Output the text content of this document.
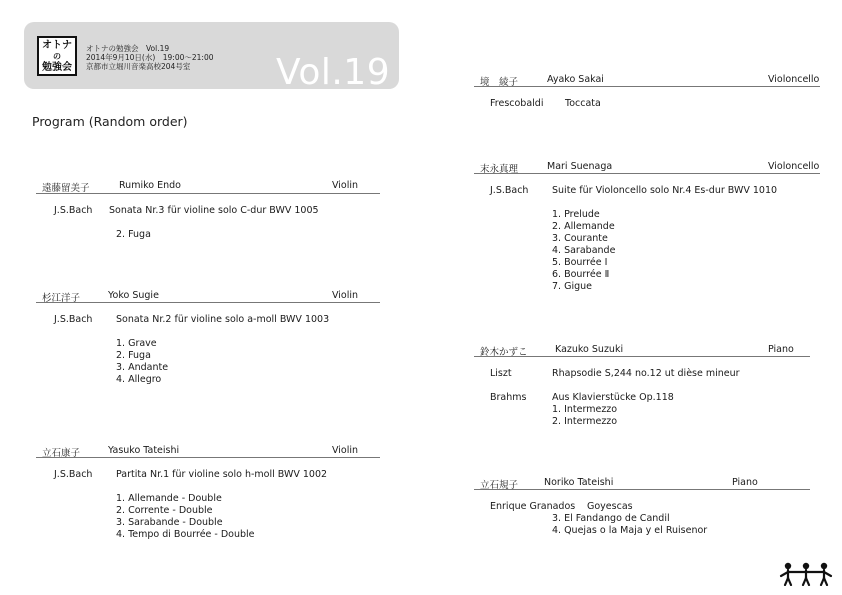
オトナ
の
勉強会
オトナの勉強会　Vol.19
2014年9月10日(水)　19:00～21:00
京都市立堀川音楽高校204号室	Vol.19
Program (Random order)
遠藤留美子	Rumiko Endo	Violin
J.S.Bach Sonata Nr.3 für violine solo C-dur BWV 1005
2. Fuga
杉江洋子	Yoko Sugie	Violin
J.S.Bach Sonata Nr.2 für violine solo a-moll BWV 1003
1. Grave
2. Fuga
3. Andante
4. Allegro
立石康子	Yasuko Tateishi	Violin
J.S.Bach Partita Nr.1 für violine solo h-moll BWV 1002
1. Allemande - Double
2. Corrente - Double
3. Sarabande - Double
4. Tempo di Bourrée - Double
境　綾子	Ayako Sakai	Violoncello
Frescobaldi Toccata
末永真理	Mari Suenaga	Violoncello
J.S.Bach Suite für Violoncello solo Nr.4 Es-dur BWV 1010
1. Prelude
2. Allemande
3. Courante
4. Sarabande
5. Bourrée Ⅰ
6. Bourrée Ⅱ
7. Gigue
鈴木かずこ	Kazuko Suzuki	Piano
Liszt	Rhapsodie S,244 no.12 ut dièse mineur
Brahms	Aus Klavierstücke Op.118
1. Intermezzo
2. Intermezzo
立石規子	Noriko Tateishi	Piano
Enrique Granados Goyescas
3. El Fandango de Candil
4. Quejas o la Maja y el Ruisenor
